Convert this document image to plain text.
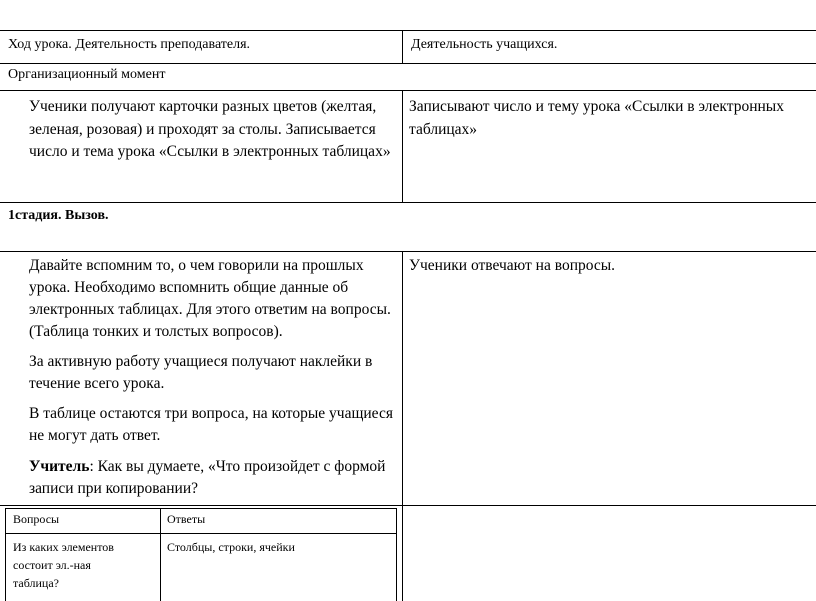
Ход урока. Деятельность преподавателя.	Деятельность учащихся.
Организационный момент
Ученики получают карточки разных цветов (желтая,
зеленая, розовая) и проходят за столы. Записывается
число и тема урока «Ссылки в электронных таблицах»
Записывают число и тему урока «Ссылки в электронных
таблицах»
1стадия. Вызов.
Давайте вспомним то, о чем говорили на прошлых
урока. Необходимо вспомнить общие данные об
электронных таблицах. Для этого ответим на вопросы.
(Таблица тонких и толстых вопросов).
За активную работу учащиеся получают наклейки в
течение всего урока.
В таблице остаются три вопроса, на которые учащиеся
не могут дать ответ.
Учитель: Как вы думаете, «Что произойдет с формой
записи при копировании?
Ученики отвечают на вопросы.
Вопросы	Ответы
Из каких элементов
состоит эл.-ная
таблица?
Столбцы, строки, ячейки
